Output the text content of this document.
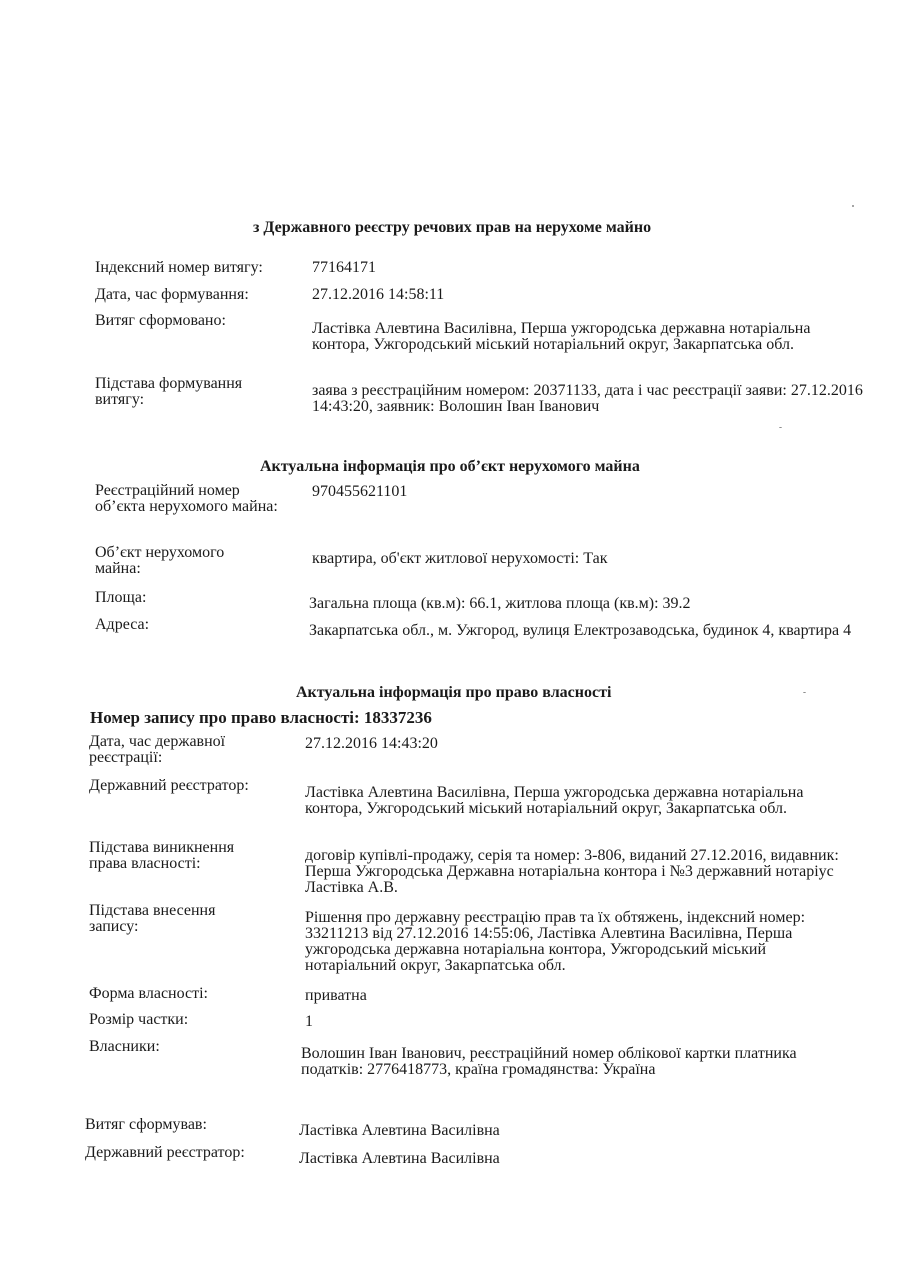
з Державного реєстру речових прав на нерухоме майно
Індексний номер витягу:	77164171
Дата, час формування:	27.12.2016 14:58:11
Витяг сформовано:	Ластівка Алевтина Василівна, Перша ужгородська державна нотаріальна контора, Ужгородський міський нотаріальний округ, Закарпатська обл.
Підстава формування витягу:
заява з реєстраційним номером: 20371133, дата і час реєстрації заяви: 27.12.2016 14:43:20, заявник: Волошин Іван Іванович
Актуальна інформація про об’єкт нерухомого майна
Реєстраційний номер об’єкта нерухомого майна:
970455621101
Об’єкт нерухомого майна:
квартира, об'єкт житлової нерухомості: Так
Площа:	Загальна площа (кв.м): 66.1, житлова площа (кв.м): 39.2
Адреса:	Закарпатська обл., м. Ужгород, вулиця Електрозаводська, будинок 4, квартира 4
Актуальна інформація про право власності
Номер запису про право власності: 18337236
Дата, час державної реєстрації:
27.12.2016 14:43:20
Державний реєстратор:	Ластівка Алевтина Василівна, Перша ужгородська державна нотаріальна контора, Ужгородський міський нотаріальний округ, Закарпатська обл.
Підстава виникнення права власності:	договір купівлі-продажу, серія та номер: 3-806, виданий 27.12.2016, видавник: Перша Ужгородська Державна нотаріальна контора і №3 державний нотаріус Ластівка А.В.
Підстава внесення запису:
Рішення про державну реєстрацію прав та їх обтяжень, індексний номер: 33211213 від 27.12.2016 14:55:06, Ластівка Алевтина Василівна, Перша ужгородська державна нотаріальна контора, Ужгородський міський нотаріальний округ, Закарпатська обл.
Форма власності:	приватна
Розмір частки:	1
Власники:	Волошин Іван Іванович, реєстраційний номер облікової картки платника податків: 2776418773, країна громадянства: Україна
Витяг сформував:	Ластівка Алевтина Василівна
Державний реєстратор:	Ластівка Алевтина Василівна
